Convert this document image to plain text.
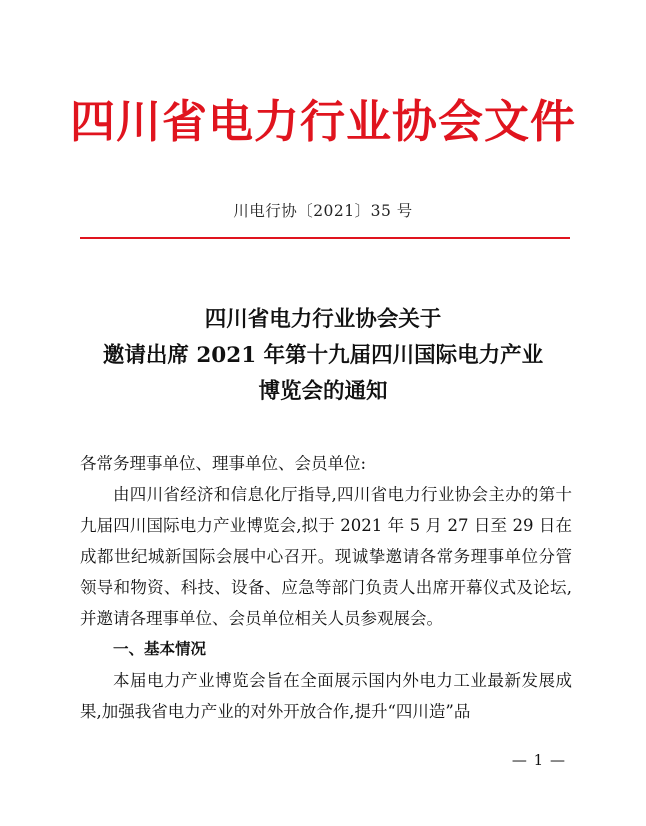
四川省电力行业协会文件
川电行协〔2021〕35 号
四川省电力行业协会关于
邀请出席 2021 年第十九届四川国际电力产业
博览会的通知

各常务理事单位、理事单位、会员单位:

由四川省经济和信息化厅指导,四川省电力行业协会主办的第十九届四川国际电力产业博览会,拟于 2021 年 5 月 27 日至 29 日在成都世纪城新国际会展中心召开。现诚挚邀请各常务理事单位分管领导和物资、科技、设备、应急等部门负责人出席开幕仪式及论坛,并邀请各理事单位、会员单位相关人员参观展会。

一、基本情况

本届电力产业博览会旨在全面展示国内外电力工业最新发展成果,加强我省电力产业的对外开放合作,提升“四川造”品

— 1 —
